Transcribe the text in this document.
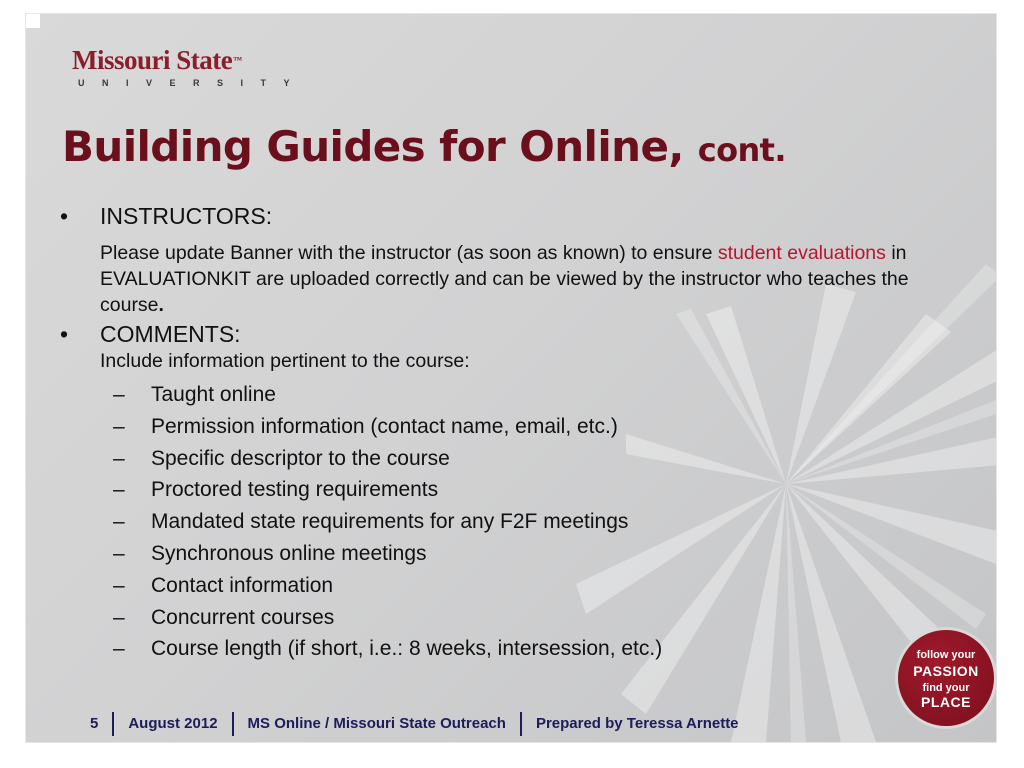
Missouri State™
UNIVERSITY
Building Guides for Online, cont.
• INSTRUCTORS:
Please update Banner with the instructor (as soon as known) to ensure student evaluations in EVALUATIONKIT are uploaded correctly and can be viewed by the instructor who teaches the course.
• COMMENTS:
Include information pertinent to the course:
– Taught online
– Permission information (contact name, email, etc.)
– Specific descriptor to the course
– Proctored testing requirements
– Mandated state requirements for any F2F meetings
– Synchronous online meetings
– Contact information
– Concurrent courses
– Course length (if short, i.e.: 8 weeks, intersession, etc.)
5 August 2012 MS Online / Missouri State Outreach Prepared by Teressa Arnette
follow your
PASSION
find your
PLACE
